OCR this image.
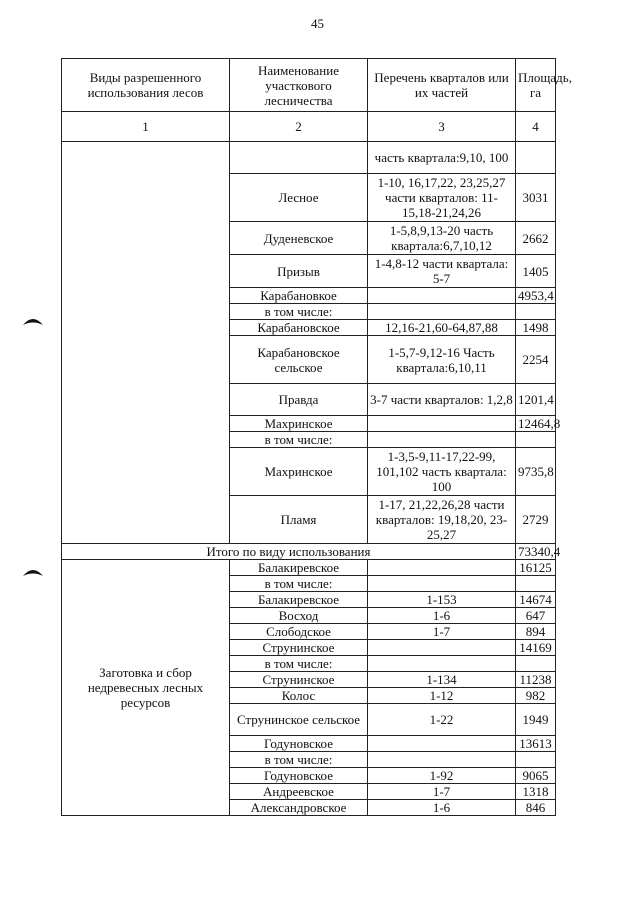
45
Виды разрешенного использования лесов	Наименование участкового лесничества	Перечень кварталов или их частей	Площадь, га
1	2	3	4
		часть квартала:9,10, 100	
	Лесное	1-10, 16,17,22, 23,25,27 части кварталов: 11-15,18-21,24,26	3031
	Дуденевское	1-5,8,9,13-20 часть квартала:6,7,10,12	2662
	Призыв	1-4,8-12 части квартала: 5-7	1405
	Карабановкое		4953,4
	в том числе:		
	Карабановское	12,16-21,60-64,87,88	1498
	Карабановское сельское	1-5,7-9,12-16 Часть квартала:6,10,11	2254
	Правда	3-7 части кварталов: 1,2,8	1201,4
	Махринское		12464,8
	в том числе:		
	Махринское	1-3,5-9,11-17,22-99, 101,102 часть квартала: 100	9735,8
	Пламя	1-17, 21,22,26,28 части кварталов: 19,18,20, 23-25,27	2729
Итого по виду использования			73340,4
Заготовка и сбор недревесных лесных ресурсов	Балакиревское		16125
	в том числе:		
	Балакиревское	1-153	14674
	Восход	1-6	647
	Слободское	1-7	894
	Струнинское		14169
	в том числе:		
	Струнинское	1-134	11238
	Колос	1-12	982
	Струнинское сельское	1-22	1949
	Годуновское		13613
	в том числе:		
	Годуновское	1-92	9065
	Андреевское	1-7	1318
	Александровское	1-6	846
